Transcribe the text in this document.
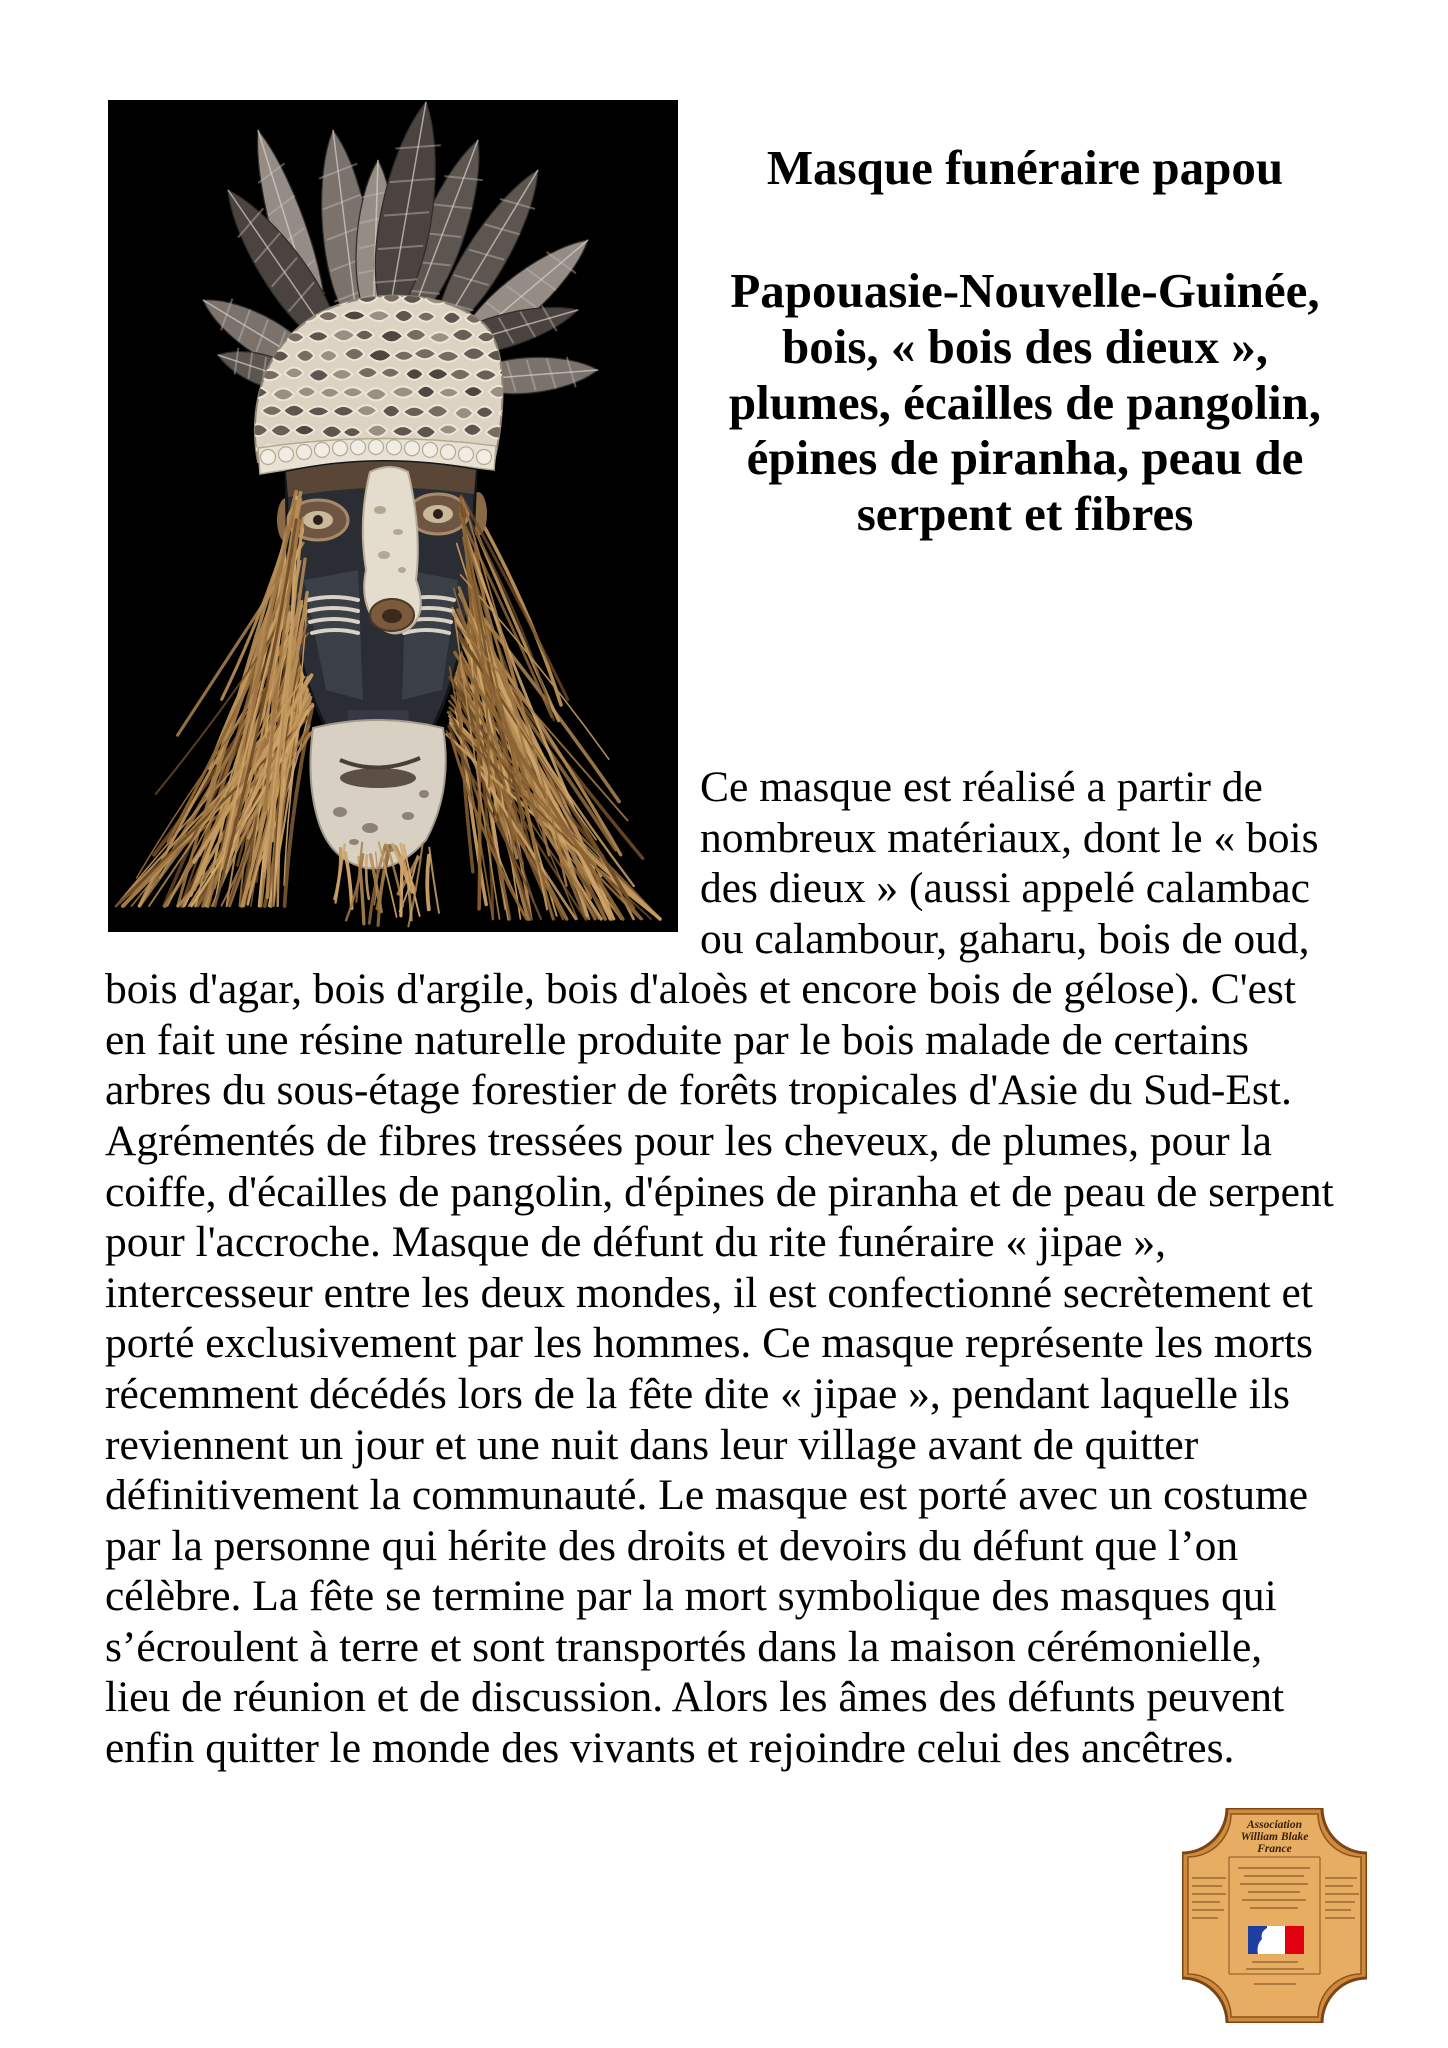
Masque funéraire papou
Papouasie-Nouvelle-Guinée,
bois, « bois des dieux »,
plumes, écailles de pangolin,
épines de piranha, peau de
serpent et fibres
Ce masque est réalisé a partir de
nombreux matériaux, dont le « bois
des dieux » (aussi appelé calambac
ou calambour, gaharu, bois de oud,
bois d'agar, bois d'argile, bois d'aloès et encore bois de gélose). C'est
en fait une résine naturelle produite par le bois malade de certains
arbres du sous-étage forestier de forêts tropicales d'Asie du Sud-Est.
Agrémentés de fibres tressées pour les cheveux, de plumes, pour la
coiffe, d'écailles de pangolin, d'épines de piranha et de peau de serpent
pour l'accroche. Masque de défunt du rite funéraire « jipae »,
intercesseur entre les deux mondes, il est confectionné secrètement et
porté exclusivement par les hommes. Ce masque représente les morts
récemment décédés lors de la fête dite « jipae », pendant laquelle ils
reviennent un jour et une nuit dans leur village avant de quitter
définitivement la communauté. Le masque est porté avec un costume
par la personne qui hérite des droits et devoirs du défunt que l’on
célèbre. La fête se termine par la mort symbolique des masques qui
s’écroulent à terre et sont transportés dans la maison cérémonielle,
lieu de réunion et de discussion. Alors les âmes des défunts peuvent
enfin quitter le monde des vivants et rejoindre celui des ancêtres.
Association
William Blake
France
